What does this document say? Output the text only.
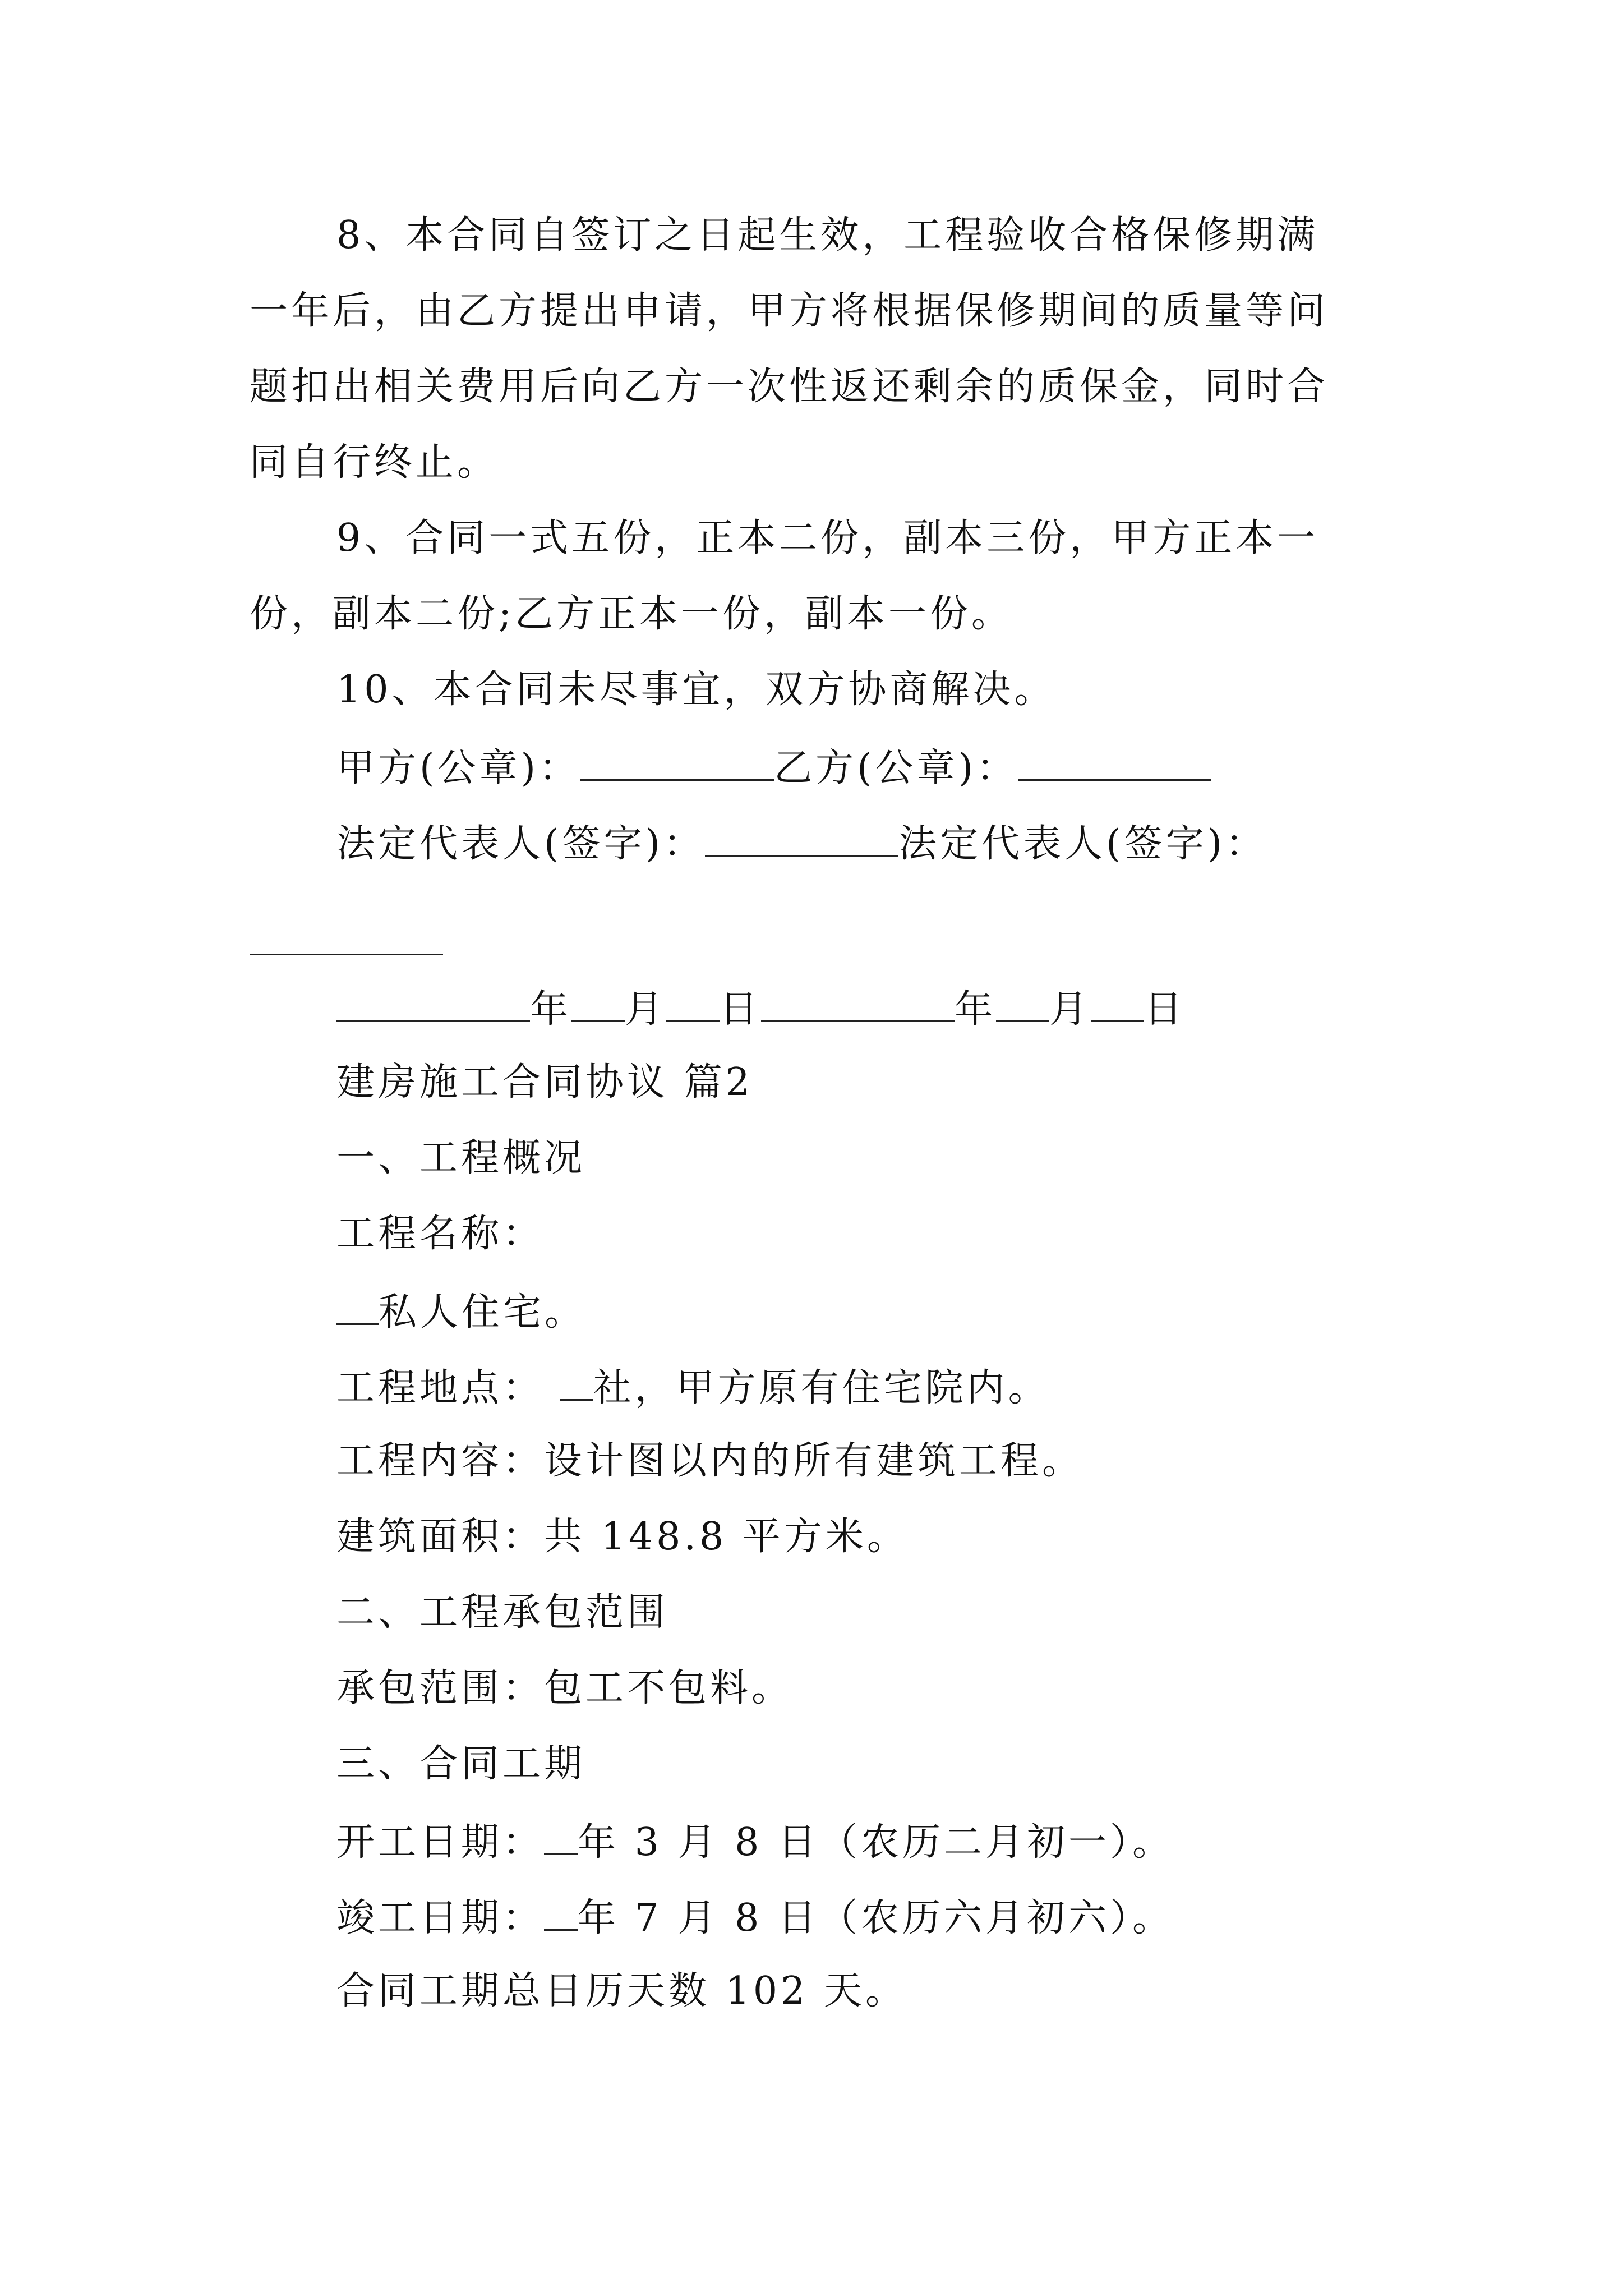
8、本合同自签订之日起生效，工程验收合格保修期满
一年后，由乙方提出申请，甲方将根据保修期间的质量等问
题扣出相关费用后向乙方一次性返还剩余的质保金，同时合
同自行终止。
9、合同一式五份，正本二份，副本三份，甲方正本一
份，副本二份;乙方正本一份，副本一份。
10、本合同未尽事宜，双方协商解决。
甲方(公章)：	乙方(公章)：
法定代表人(签字)：	法定代表人(签字)：
年 月 日	年 月 日
建房施工合同协议 篇2
一、工程概况
工程名称：
私人住宅。
工程地点： 社，甲方原有住宅院内。
工程内容：设计图以内的所有建筑工程。
建筑面积：共 148.8 平方米。
二、工程承包范围
承包范围：包工不包料。
三、合同工期
开工日期： 年 3 月 8 日（农历二月初一）。
竣工日期： 年 7 月 8 日（农历六月初六）。
合同工期总日历天数 102 天。
